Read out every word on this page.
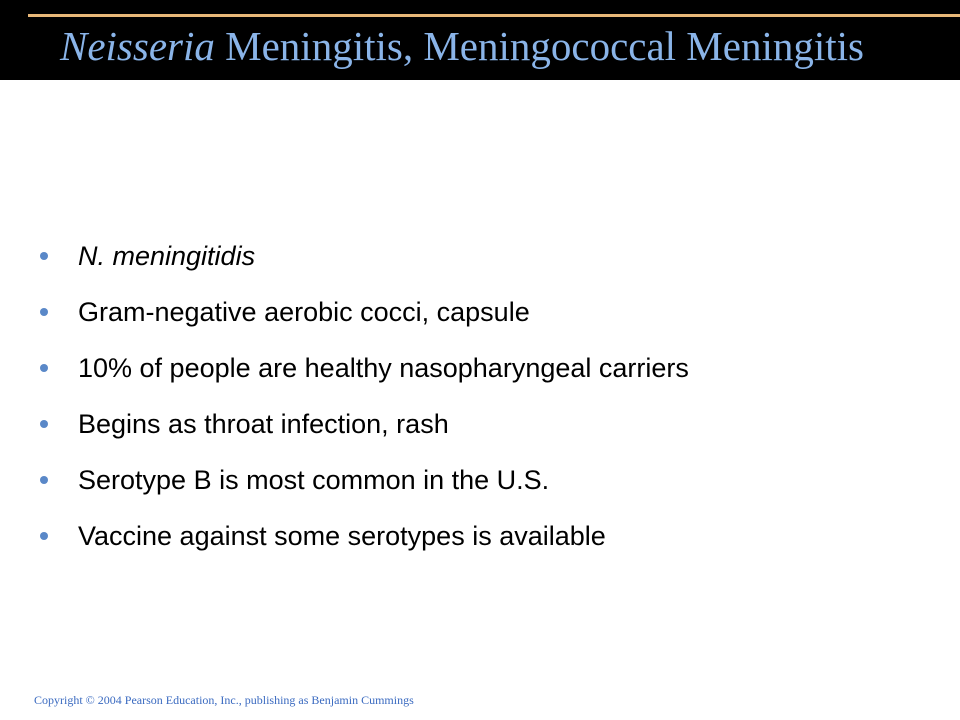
Neisseria Meningitis, Meningococcal Meningitis
N. meningitidis
Gram-negative aerobic cocci, capsule
10% of people are healthy nasopharyngeal carriers
Begins as throat infection, rash
Serotype B is most common in the U.S.
Vaccine against some serotypes is available
Copyright © 2004 Pearson Education, Inc., publishing as Benjamin Cummings
